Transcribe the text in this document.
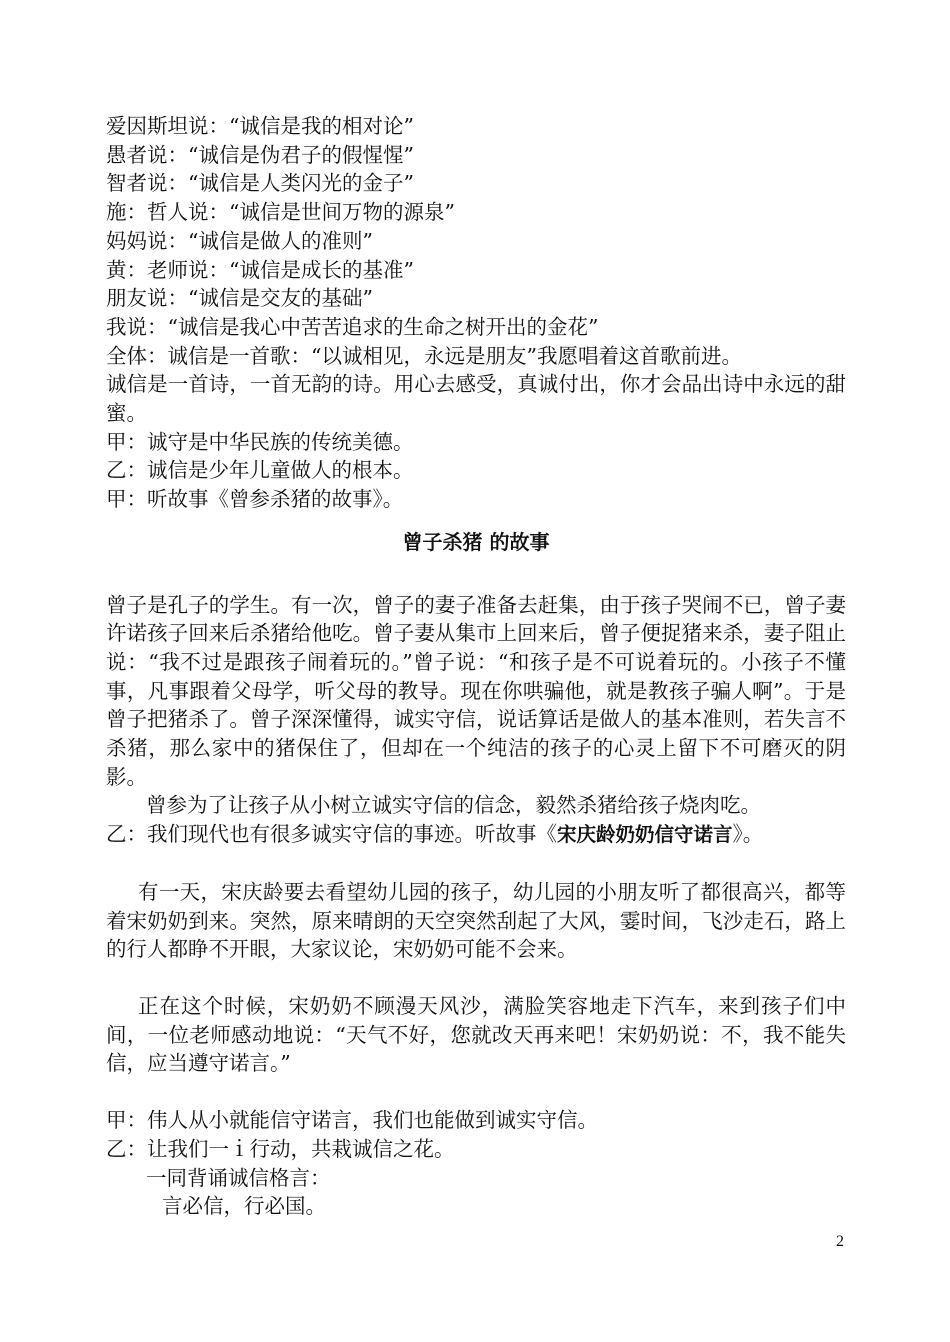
爱因斯坦说：“诚信是我的相对论”
愚者说：“诚信是伪君子的假惺惺”
智者说：“诚信是人类闪光的金子”
施：哲人说：“诚信是世间万物的源泉”
妈妈说：“诚信是做人的准则”
黄：老师说：“诚信是成长的基准”
朋友说：“诚信是交友的基础”
我说：“诚信是我心中苦苦追求的生命之树开出的金花”
全体：诚信是一首歌：“以诚相见，永远是朋友”我愿唱着这首歌前进。
诚信是一首诗，一首无韵的诗。用心去感受，真诚付出，你才会品出诗中永远的甜蜜。
甲：诚守是中华民族的传统美德。
乙：诚信是少年儿童做人的根本。
甲：听故事《曾参杀猪的故事》。
曾子杀猪 的故事
曾子是孔子的学生。有一次，曾子的妻子准备去赶集，由于孩子哭闹不已，曾子妻许诺孩子回来后杀猪给他吃。曾子妻从集市上回来后，曾子便捉猪来杀，妻子阻止说：“我不过是跟孩子闹着玩的。”曾子说：“和孩子是不可说着玩的。小孩子不懂事，凡事跟着父母学，听父母的教导。现在你哄骗他，就是教孩子骗人啊”。于是曾子把猪杀了。曾子深深懂得，诚实守信，说话算话是做人的基本准则，若失言不杀猪，那么家中的猪保住了，但却在一个纯洁的孩子的心灵上留下不可磨灭的阴影。
曾参为了让孩子从小树立诚实守信的信念，毅然杀猪给孩子烧肉吃。
乙：我们现代也有很多诚实守信的事迹。听故事《宋庆龄奶奶信守诺言》。
有一天，宋庆龄要去看望幼儿园的孩子，幼儿园的小朋友听了都很高兴，都等着宋奶奶到来。突然，原来晴朗的天空突然刮起了大风，霎时间，飞沙走石，路上的行人都睁不开眼，大家议论，宋奶奶可能不会来。
正在这个时候，宋奶奶不顾漫天风沙，满脸笑容地走下汽车，来到孩子们中间，一位老师感动地说：“天气不好，您就改天再来吧！宋奶奶说：不，我不能失信，应当遵守诺言。”
甲：伟人从小就能信守诺言，我们也能做到诚实守信。
乙：让我们一ｉ行动，共栽诚信之花。
一同背诵诚信格言：
言必信，行必国。
2
